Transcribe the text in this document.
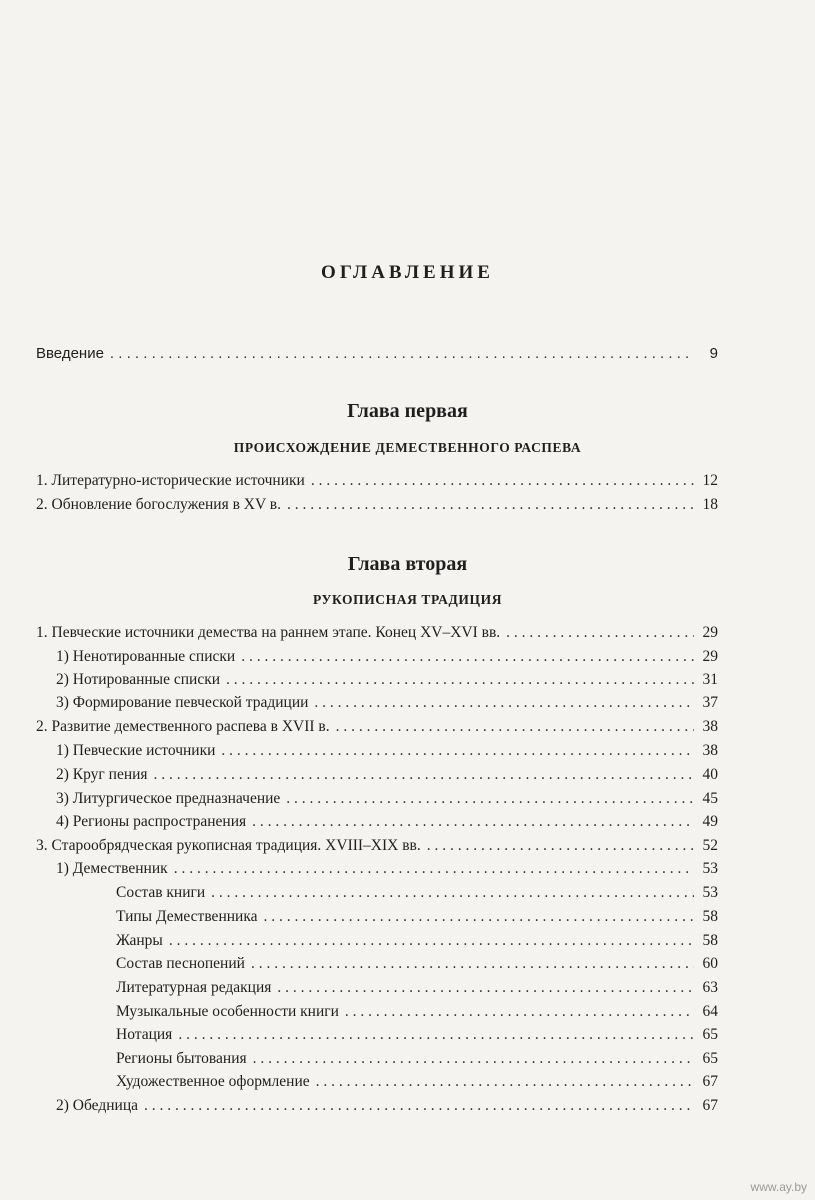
ОГЛАВЛЕНИЕ
Введение . . .	9
Глава первая
ПРОИСХОЖДЕНИЕ ДЕМЕСТВЕННОГО РАСПЕВА
1. Литературно-исторические источники . . .	12
2. Обновление богослужения в XV в. . . .	18
Глава вторая
РУКОПИСНАЯ ТРАДИЦИЯ
1. Певческие источники демества на раннем этапе. Конец XV–XVI вв. . . .	29
1) Ненотированные списки . . .	29
2) Нотированные списки . . .	31
3) Формирование певческой традиции . . .	37
2. Развитие демественного распева в XVII в. . . .	38
1) Певческие источники . . .	38
2) Круг пения . . .	40
3) Литургическое предназначение . . .	45
4) Регионы распространения . . .	49
3. Старообрядческая рукописная традиция. XVIII–XIX вв. . . .	52
1) Демественник . . .	53
Состав книги . . .	53
Типы Демественника . . .	58
Жанры . . .	58
Состав песнопений . . .	60
Литературная редакция . . .	63
Музыкальные особенности книги . . .	64
Нотация . . .	65
Регионы бытования . . .	65
Художественное оформление . . .	67
2) Обедница . . .	67
www.ay.by
